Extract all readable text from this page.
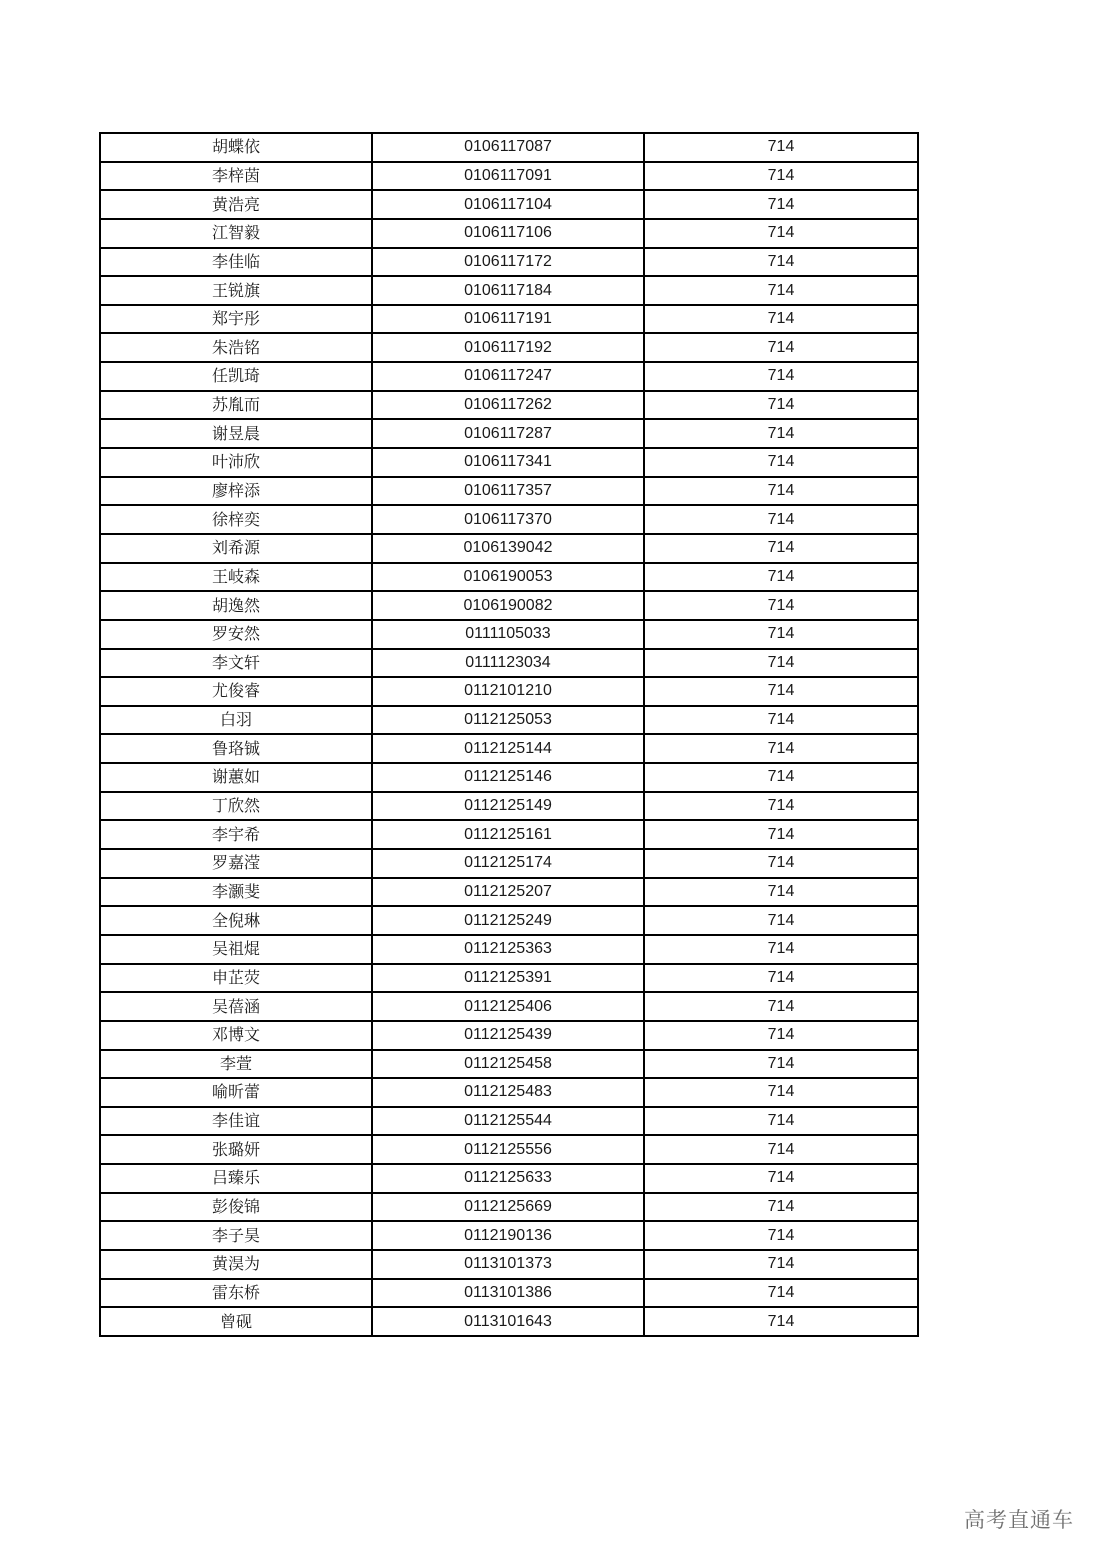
胡蝶依	0106117087	714
李梓茵	0106117091	714
黄浩亮	0106117104	714
江智毅	0106117106	714
李佳临	0106117172	714
王锐旗	0106117184	714
郑宇彤	0106117191	714
朱浩铭	0106117192	714
任凯琦	0106117247	714
苏胤而	0106117262	714
谢昱晨	0106117287	714
叶沛欣	0106117341	714
廖梓添	0106117357	714
徐梓奕	0106117370	714
刘希源	0106139042	714
王岐森	0106190053	714
胡逸然	0106190082	714
罗安然	0111105033	714
李文轩	0111123034	714
尤俊睿	0112101210	714
白羽	0112125053	714
鲁珞铖	0112125144	714
谢蕙如	0112125146	714
丁欣然	0112125149	714
李宇希	0112125161	714
罗嘉滢	0112125174	714
李灏斐	0112125207	714
全倪琳	0112125249	714
吴祖焜	0112125363	714
申芷荧	0112125391	714
吴蓓涵	0112125406	714
邓博文	0112125439	714
李萱	0112125458	714
喻昕蕾	0112125483	714
李佳谊	0112125544	714
张璐妍	0112125556	714
吕臻乐	0112125633	714
彭俊锦	0112125669	714
李子昊	0112190136	714
黄淏为	0113101373	714
雷东桥	0113101386	714
曾砚	0113101643	714
高考直通车
